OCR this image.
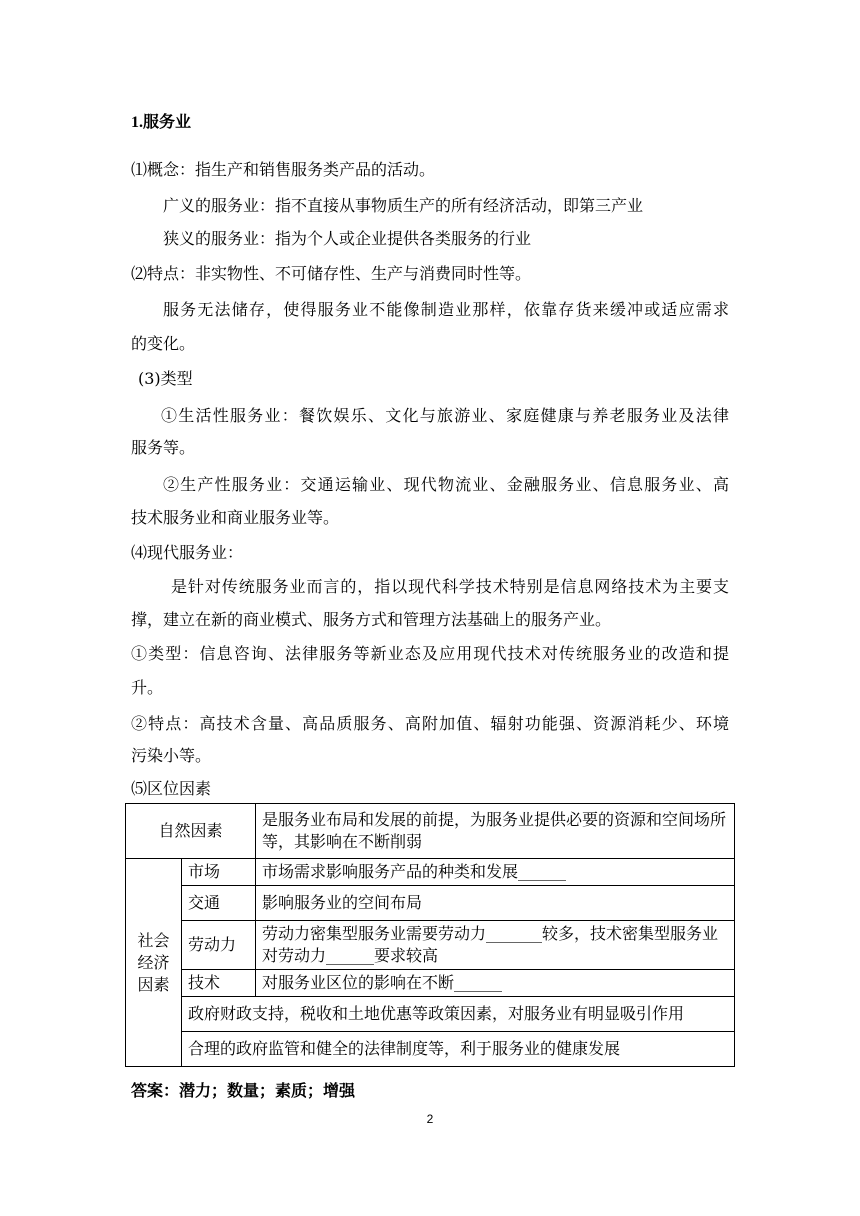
1.服务业
⑴概念：指生产和销售服务类产品的活动。
广义的服务业：指不直接从事物质生产的所有经济活动，即第三产业
狭义的服务业：指为个人或企业提供各类服务的行业
⑵特点：非实物性、不可储存性、生产与消费同时性等。
服务无法储存，使得服务业不能像制造业那样，依靠存货来缓冲或适应需求
的变化。
(3)类型
①生活性服务业：餐饮娱乐、文化与旅游业、家庭健康与养老服务业及法律
服务等。
②生产性服务业：交通运输业、现代物流业、金融服务业、信息服务业、高
技术服务业和商业服务业等。
⑷现代服务业：
是针对传统服务业而言的，指以现代科学技术特别是信息网络技术为主要支
撑，建立在新的商业模式、服务方式和管理方法基础上的服务产业。
①类型：信息咨询、法律服务等新业态及应用现代技术对传统服务业的改造和提
升。
②特点：高技术含量、高品质服务、高附加值、辐射功能强、资源消耗少、环境
污染小等。
⑸区位因素
自然因素		是服务业布局和发展的前提，为服务业提供必要的资源和空间场所等，其影响在不断削弱
社会经济因素	市场	市场需求影响服务产品的种类和发展______
	交通	影响服务业的空间布局
	劳动力	劳动力密集型服务业需要劳动力_______较多，技术密集型服务业对劳动力______要求较高
	技术	对服务业区位的影响在不断______
	政府财政支持，税收和土地优惠等政策因素，对服务业有明显吸引作用	
	合理的政府监管和健全的法律制度等，利于服务业的健康发展	
答案：潜力；数量；素质；增强
2
